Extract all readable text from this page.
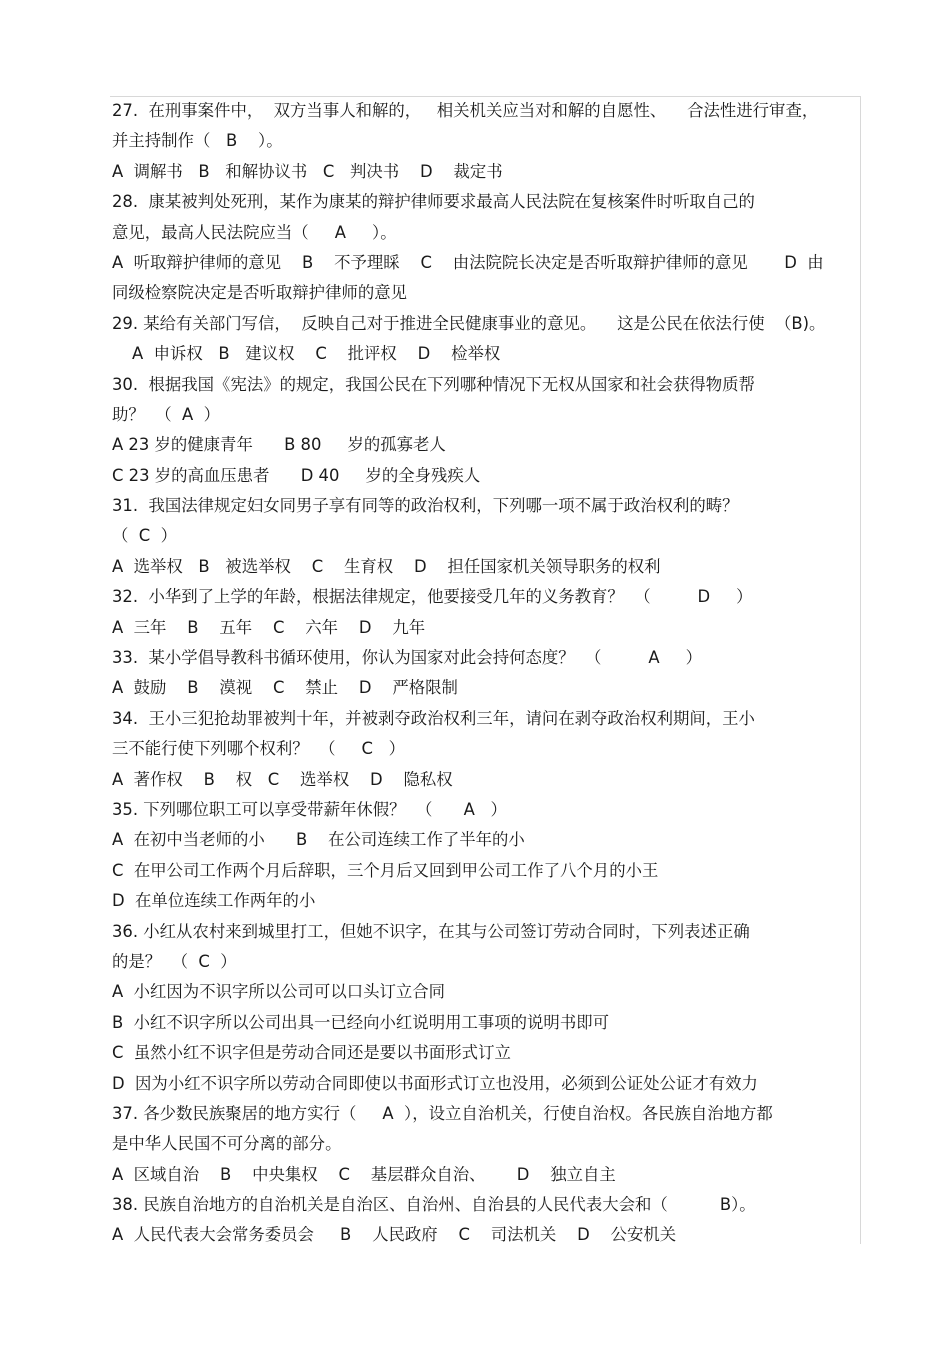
27.  在刑事案件中，  双方当事人和解的，   相关机关应当对和解的自愿性、    合法性进行审查，
并主持制作（   B    ）。
A  调解书   B   和解协议书   C   判决书    D    裁定书
28.  康某被判处死刑，某作为康某的辩护律师要求最高人民法院在复核案件时听取自己的
意见，最高人民法院应当（     A     ）。
A  听取辩护律师的意见    B    不予理睬    C    由法院院长决定是否听取辩护律师的意见       D  由
同级检察院决定是否听取辩护律师的意见
29. 某给有关部门写信，  反映自己对于推进全民健康事业的意见。    这是公民在依法行使  （B)。
A  申诉权   B   建议权    C    批评权    D    检举权
30.  根据我国《宪法》的规定，我国公民在下列哪种情况下无权从国家和社会获得物质帮
助？  （  A  ）
A 23 岁的健康青年      B 80     岁的孤寡老人
C 23 岁的高血压患者      D 40     岁的全身残疾人
31.  我国法律规定妇女同男子享有同等的政治权利，下列哪一项不属于政治权利的畴？
（  C  ）
A  选举权   B   被选举权    C    生育权    D    担任国家机关领导职务的权利
32.  小华到了上学的年龄，根据法律规定，他要接受几年的义务教育？  （         D     ）
A  三年    B    五年    C    六年    D    九年
33.  某小学倡导教科书循环使用，你认为国家对此会持何态度？  （         A     ）
A  鼓励    B    漠视    C    禁止    D    严格限制
34.  王小三犯抢劫罪被判十年，并被剥夺政治权利三年，请问在剥夺政治权利期间，王小
三不能行使下列哪个权利？  （     C   ）
A  著作权    B    权   C    选举权    D    隐私权
35. 下列哪位职工可以享受带薪年休假？  （      A   ）
A  在初中当老师的小      B    在公司连续工作了半年的小
C  在甲公司工作两个月后辞职，三个月后又回到甲公司工作了八个月的小王
D  在单位连续工作两年的小
36. 小红从农村来到城里打工，但她不识字，在其与公司签订劳动合同时，下列表述正确
的是？  （  C  ）
A  小红因为不识字所以公司可以口头订立合同
B  小红不识字所以公司出具一已经向小红说明用工事项的说明书即可
C  虽然小红不识字但是劳动合同还是要以书面形式订立
D  因为小红不识字所以劳动合同即使以书面形式订立也没用，必须到公证处公证才有效力
37. 各少数民族聚居的地方实行（     A  ），设立自治机关，行使自治权。各民族自治地方都
是中华人民国不可分离的部分。
A  区域自治    B    中央集权    C    基层群众自治、      D    独立自主
38. 民族自治地方的自治机关是自治区、自治州、自治县的人民代表大会和（          B）。
A  人民代表大会常务委员会     B    人民政府    C    司法机关    D    公安机关
